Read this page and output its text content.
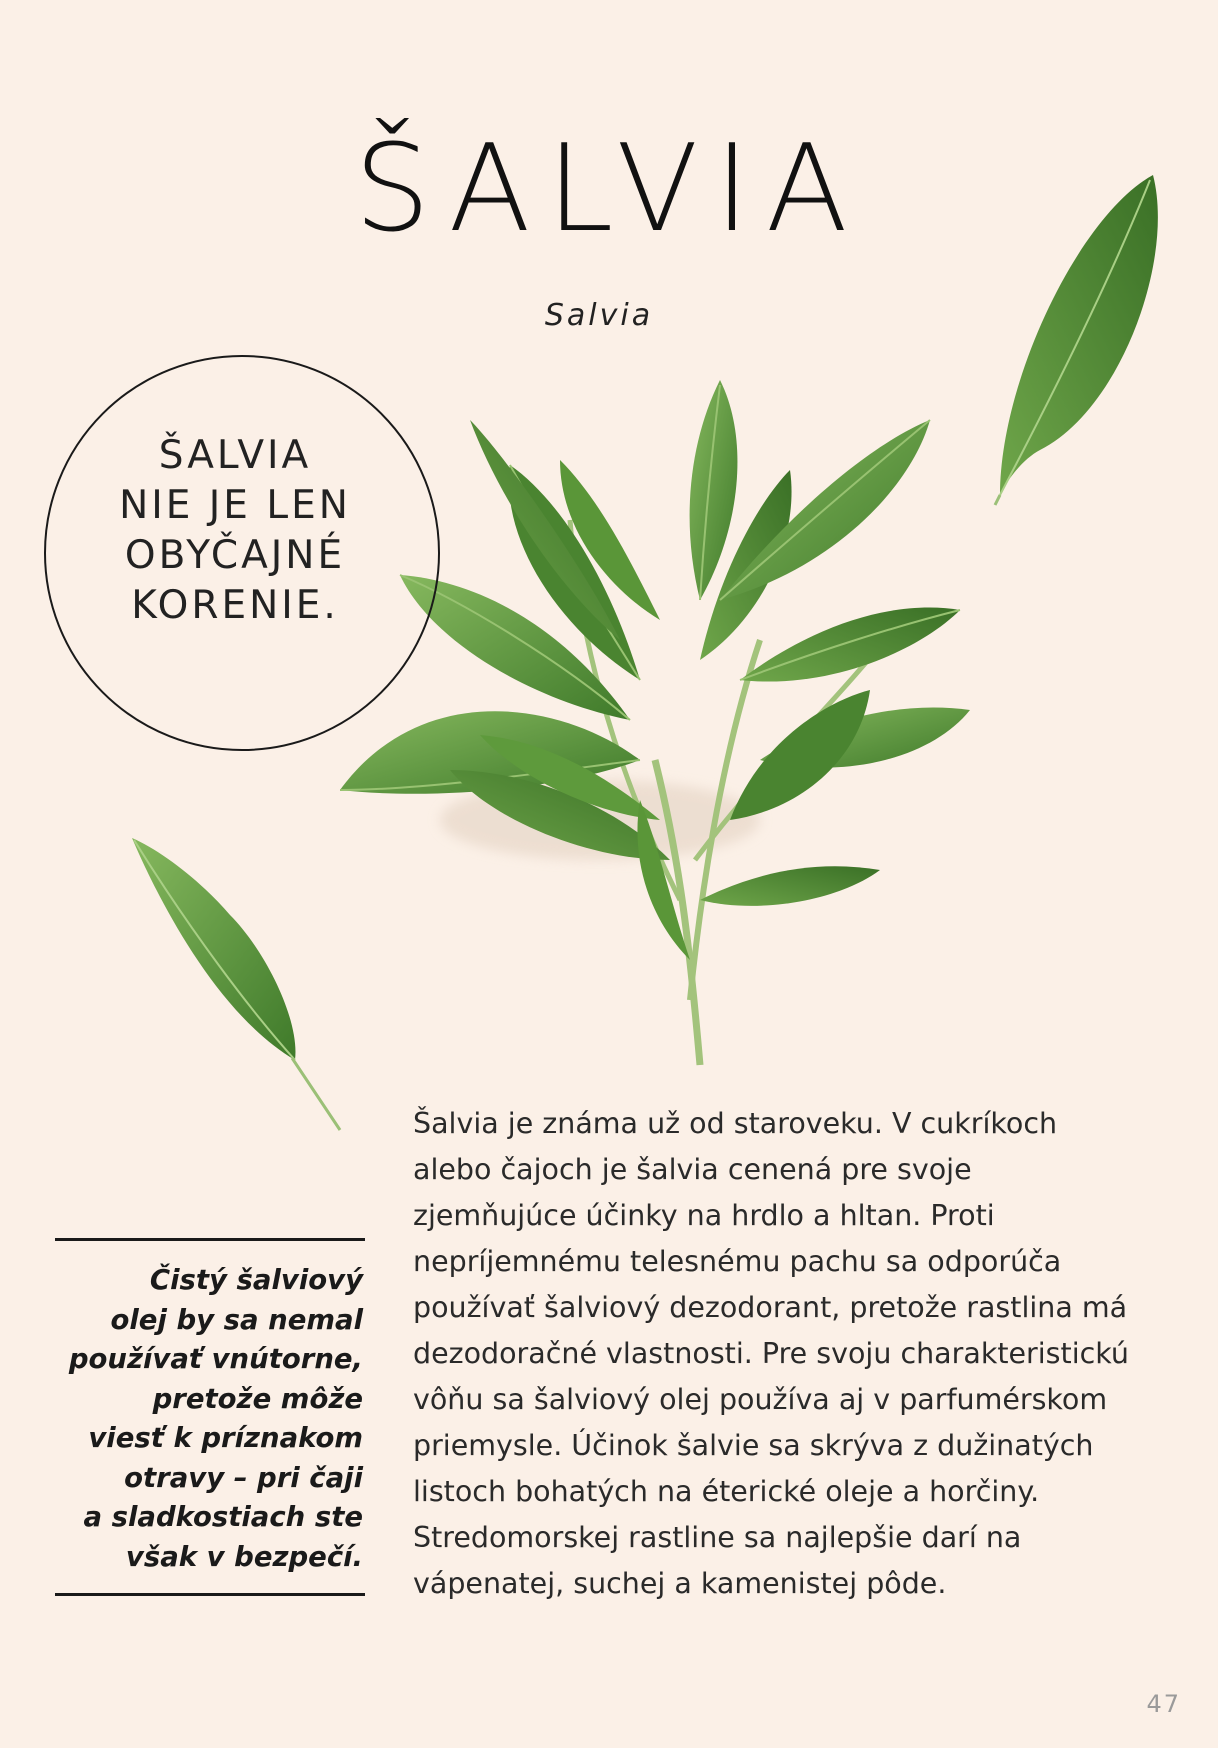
ŠALVIA
Salvia
ŠALVIA
NIE JE LEN
OBYČAJNÉ
KORENIE.
Čistý šalviový
olej by sa nemal
používať vnútorne,
pretože môže
viesť k príznakom
otravy – pri čaji
a sladkostiach ste
však v bezpečí.
Šalvia je známa už od staroveku. V cukríkoch
alebo čajoch je šalvia cenená pre svoje
zjemňujúce účinky na hrdlo a hltan. Proti
nepríjemnému telesnému pachu sa odporúča
používať šalviový dezodorant, pretože rastlina má
dezodoračné vlastnosti. Pre svoju charakteristickú
vôňu sa šalviový olej používa aj v parfumérskom
priemysle. Účinok šalvie sa skrýva z dužinatých
listoch bohatých na éterické oleje a horčiny.
Stredomorskej rastline sa najlepšie darí na
vápenatej, suchej a kamenistej pôde.
47
